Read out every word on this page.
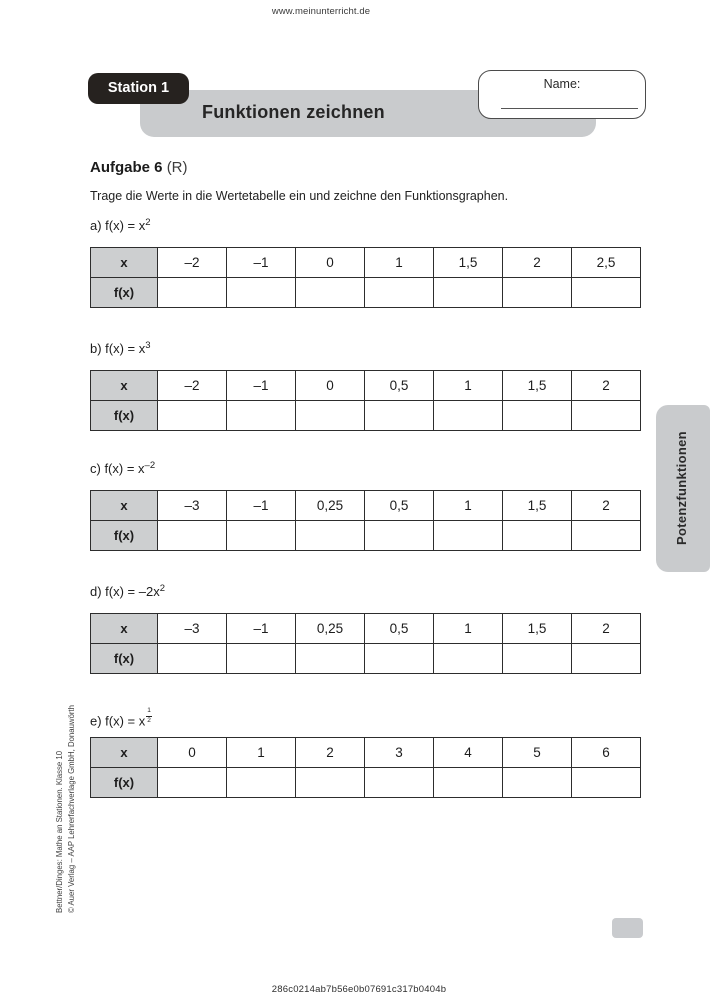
www.meinunterricht.de
Funktionen zeichnen
Station 1	Name:
Aufgabe 6 (R)
Trage die Werte in die Wertetabelle ein und zeichne den Funktionsgraphen.
a) $f(x) = x^2$
x	–2	–1	0	1	1,5	2	2,5
f(x)							
b) $f(x) = x^3$
x	–2	–1	0	0,5	1	1,5	2
f(x)							
c) $f(x) = x^{-2}$
x	–3	–1	0,25	0,5	1	1,5	2
f(x)							
d) $f(x) = -2x^2$
x	–3	–1	0,25	0,5	1	1,5	2
f(x)							
e) f(x) = x $\frac{1}{2}$
x	0	1	2	3	4	5	6
f(x)							
Potenzfunktionen
Bettner/Dinges: Mathe an Stationen. Klasse 10 © Auer Verlag – AAP Lehrerfachverlage GmbH, Donauwörth
286c0214ab7b56e0b07691c317b0404b
